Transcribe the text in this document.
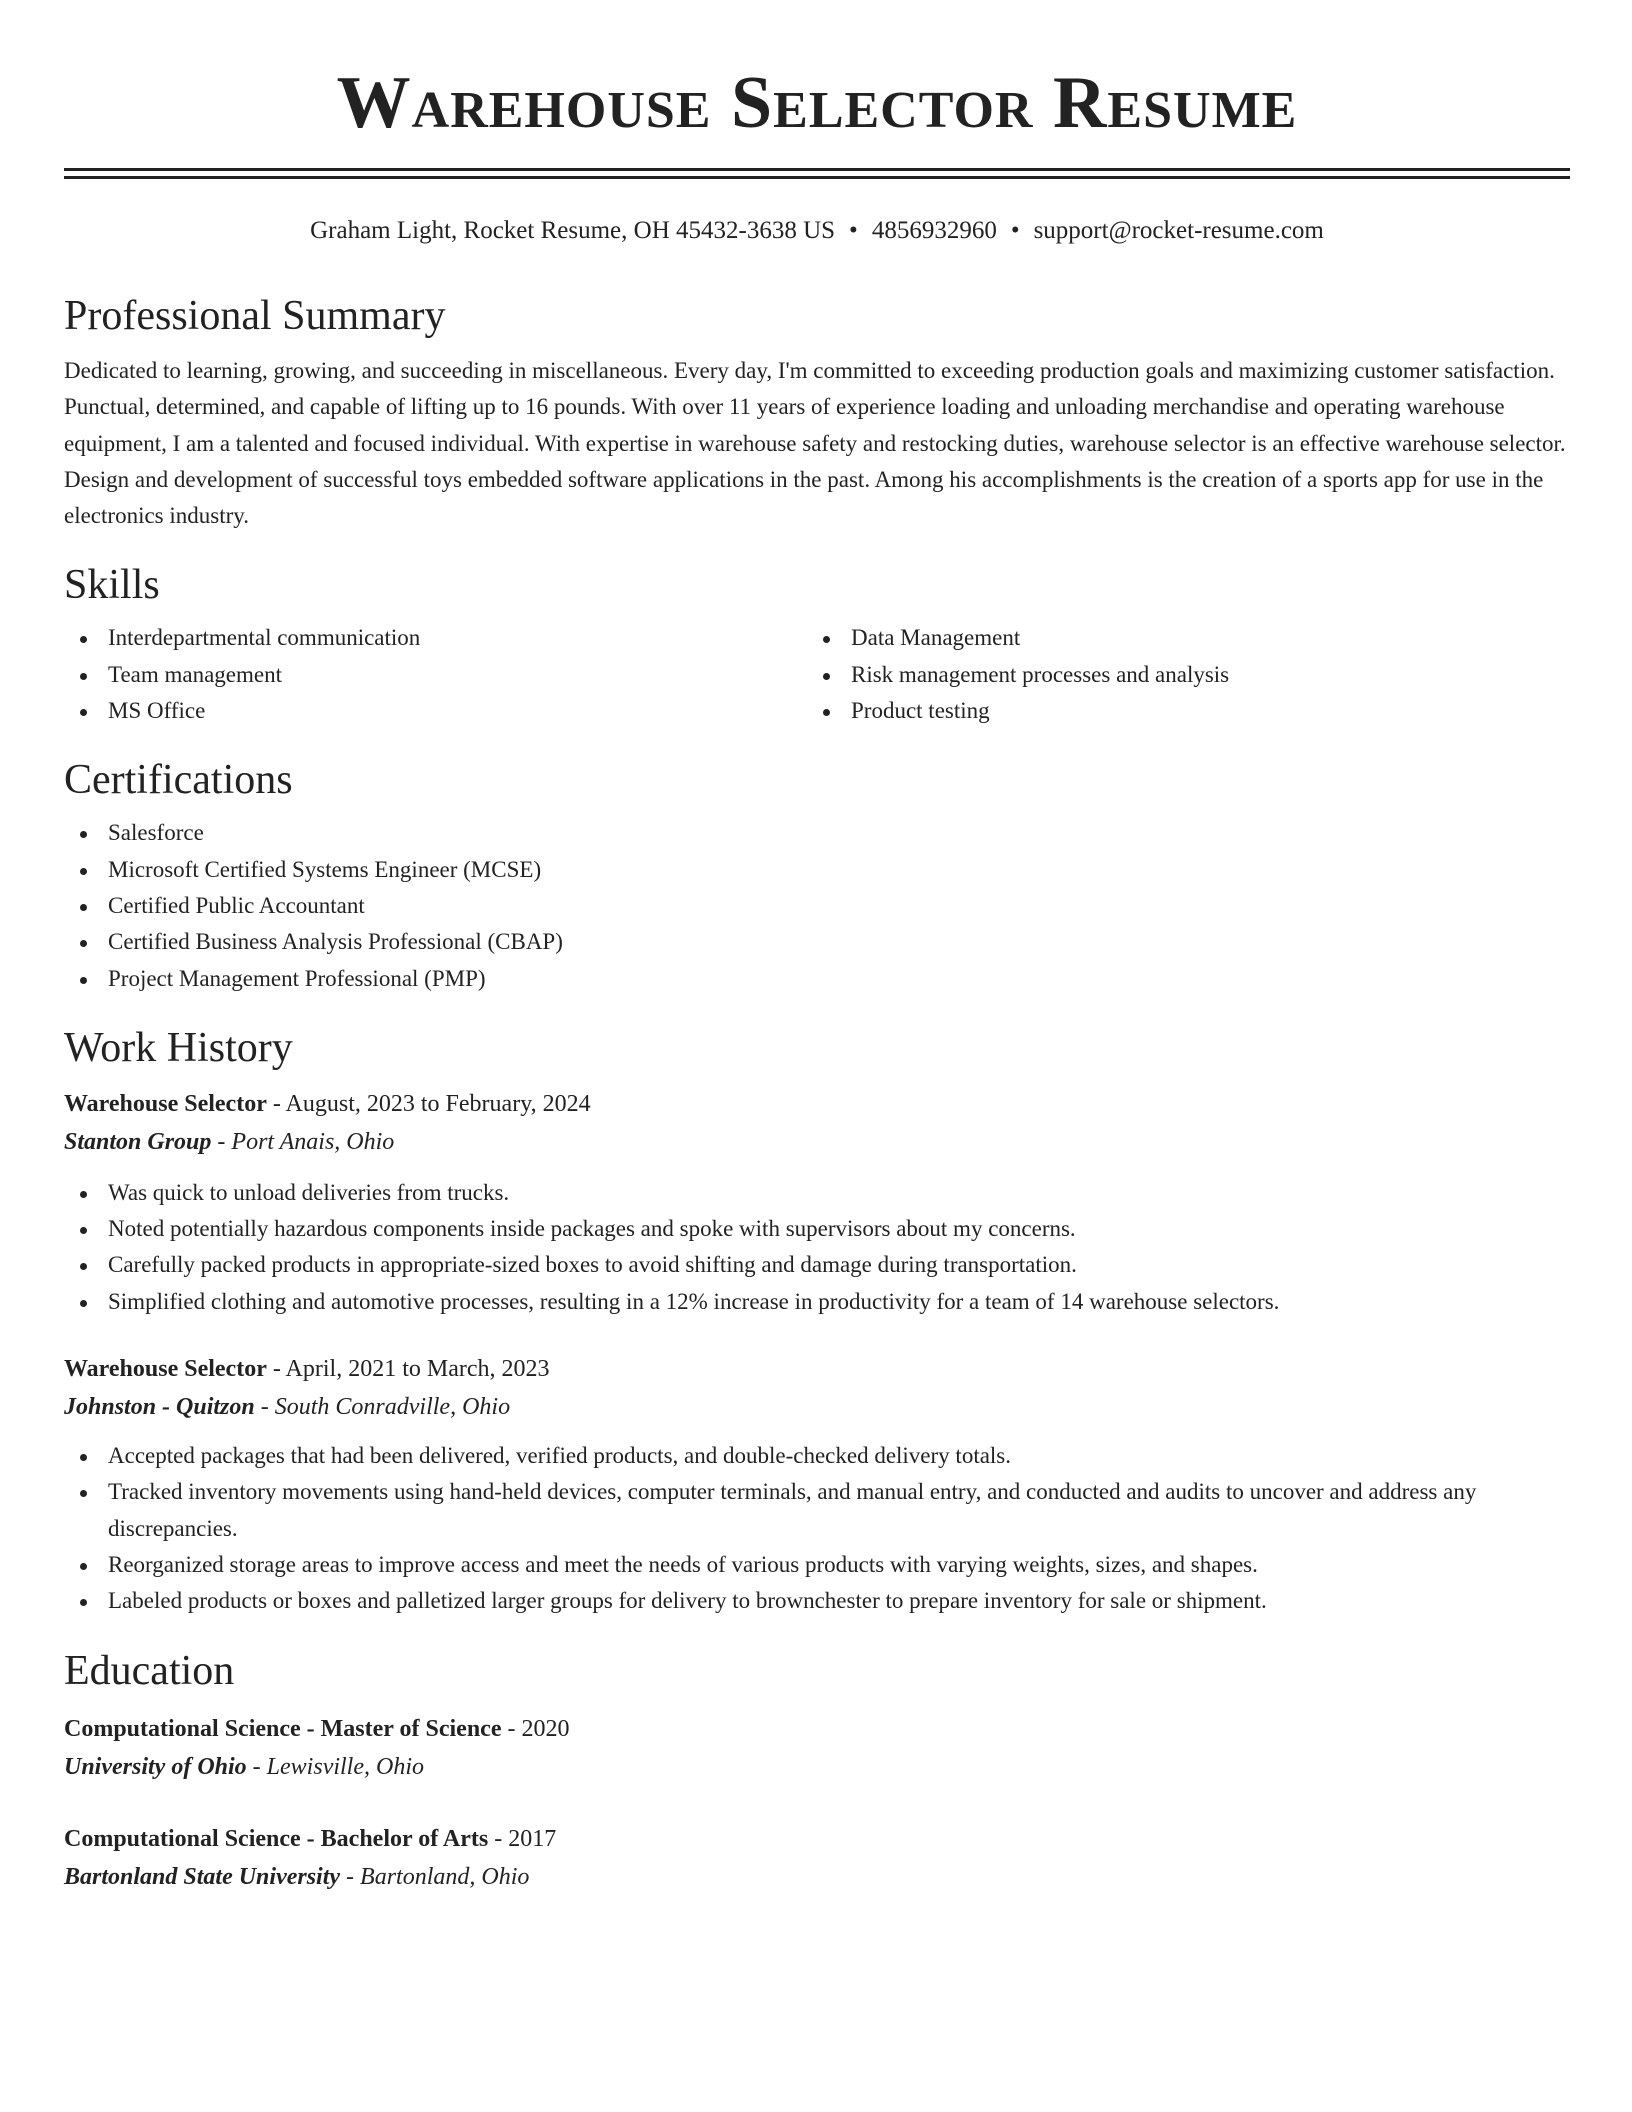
Warehouse Selector Resume
Graham Light, Rocket Resume, OH 45432-3638 US • 4856932960 • support@rocket-resume.com
Professional Summary

Dedicated to learning, growing, and succeeding in miscellaneous. Every day, I'm committed to exceeding production goals and maximizing customer satisfaction. Punctual, determined, and capable of lifting up to 16 pounds. With over 11 years of experience loading and unloading merchandise and operating warehouse equipment, I am a talented and focused individual. With expertise in warehouse safety and restocking duties, warehouse selector is an effective warehouse selector. Design and development of successful toys embedded software applications in the past. Among his accomplishments is the creation of a sports app for use in the electronics industry.

Skills
Interdepartmental communication
Team management
MS Office
Data Management
Risk management processes and analysis
Product testing
Certifications
Salesforce
Microsoft Certified Systems Engineer (MCSE)
Certified Public Accountant
Certified Business Analysis Professional (CBAP)
Project Management Professional (PMP)
Work History
Warehouse Selector - August, 2023 to February, 2024
Stanton Group - Port Anais, Ohio
Was quick to unload deliveries from trucks.
Noted potentially hazardous components inside packages and spoke with supervisors about my concerns.
Carefully packed products in appropriate-sized boxes to avoid shifting and damage during transportation.
Simplified clothing and automotive processes, resulting in a 12% increase in productivity for a team of 14 warehouse selectors.
Warehouse Selector - April, 2021 to March, 2023
Johnston - Quitzon - South Conradville, Ohio
Accepted packages that had been delivered, verified products, and double-checked delivery totals.
Tracked inventory movements using hand-held devices, computer terminals, and manual entry, and conducted and audits to uncover and address any discrepancies.
Reorganized storage areas to improve access and meet the needs of various products with varying weights, sizes, and shapes.
Labeled products or boxes and palletized larger groups for delivery to brownchester to prepare inventory for sale or shipment.
Education
Computational Science - Master of Science - 2020
University of Ohio - Lewisville, Ohio
Computational Science - Bachelor of Arts - 2017
Bartonland State University - Bartonland, Ohio
